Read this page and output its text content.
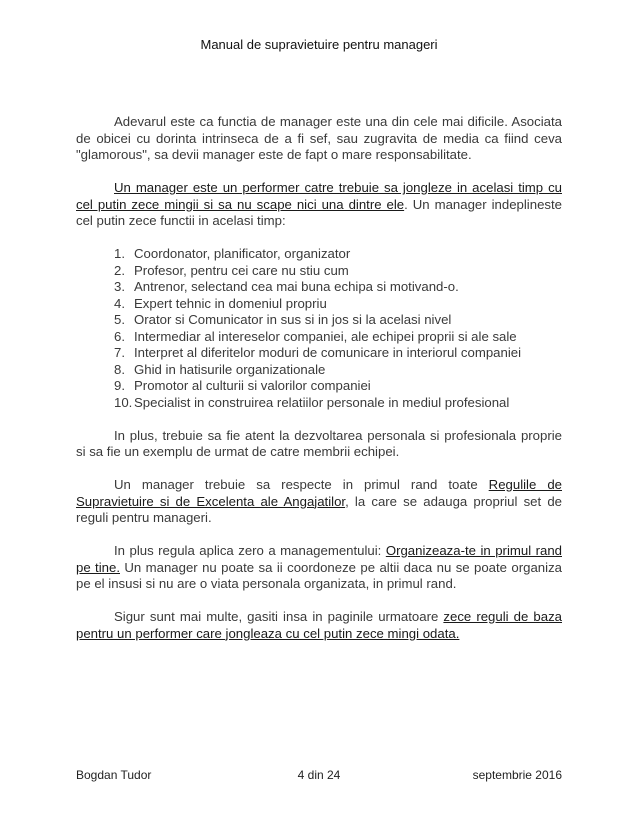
Manual de supravietuire pentru manageri

Adevarul este ca functia de manager este una din cele mai dificile. Asociata de obicei cu dorinta intrinseca de a fi sef, sau zugravita de media ca fiind ceva "glamorous", sa devii manager este de fapt o mare responsabilitate.

Un manager este un performer catre trebuie sa jongleze in acelasi timp cu cel putin zece mingii si sa nu scape nici una dintre ele. Un manager indeplineste cel putin zece functii in acelasi timp:

1. Coordonator, planificator, organizator
2. Profesor, pentru cei care nu stiu cum
3. Antrenor, selectand cea mai buna echipa si motivand-o.
4. Expert tehnic in domeniul propriu
5. Orator si Comunicator in sus si in jos si la acelasi nivel
6. Intermediar al intereselor companiei, ale echipei proprii si ale sale
7. Interpret al diferitelor moduri de comunicare in interiorul companiei
8. Ghid in hatisurile organizationale
9. Promotor al culturii si valorilor companiei
10. Specialist in construirea relatiilor personale in mediul profesional

In plus, trebuie sa fie atent la dezvoltarea personala si profesionala proprie si sa fie un exemplu de urmat de catre membrii echipei.

Un manager trebuie sa respecte in primul rand toate Regulile de Supravietuire si de Excelenta ale Angajatilor, la care se adauga propriul set de reguli pentru manageri.

In plus regula aplica zero a managementului: Organizeaza-te in primul rand pe tine. Un manager nu poate sa ii coordoneze pe altii daca nu se poate organiza pe el insusi si nu are o viata personala organizata, in primul rand.

Sigur sunt mai multe, gasiti insa in paginile urmatoare zece reguli de baza pentru un performer care jongleaza cu cel putin zece mingi odata.

Bogdan Tudor	4 din 24	septembrie 2016
